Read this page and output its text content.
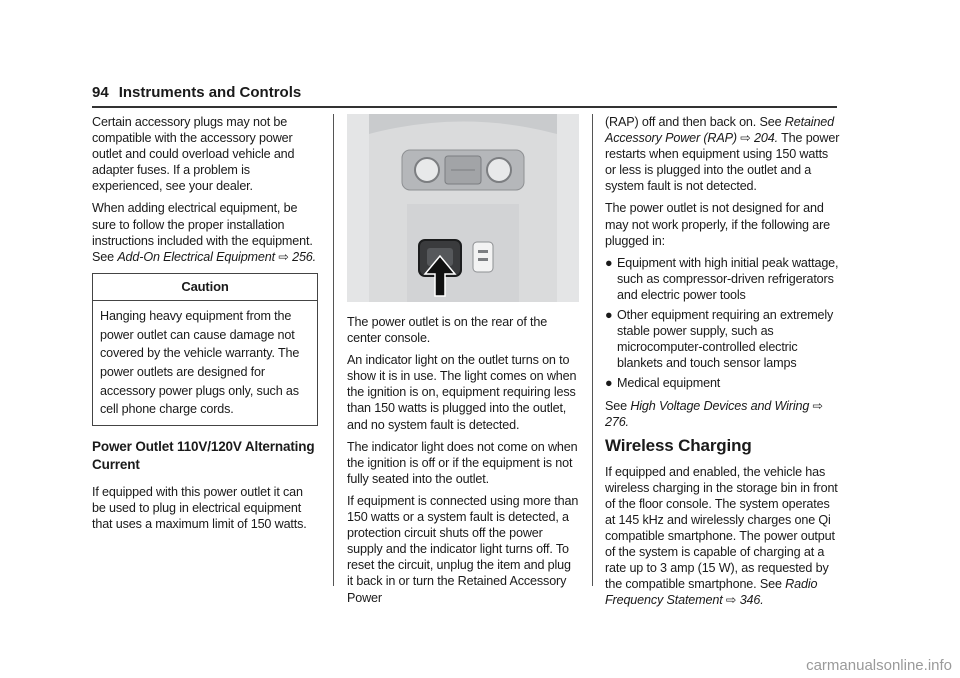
94 Instruments and Controls

Certain accessory plugs may not be compatible with the accessory power outlet and could overload vehicle and adapter fuses. If a problem is experienced, see your dealer.

When adding electrical equipment, be sure to follow the proper installation instructions included with the equipment. See Add-On Electrical Equipment ⇨ 256.

Caution
Hanging heavy equipment from the power outlet can cause damage not covered by the vehicle warranty. The power outlets are designed for accessory power plugs only, such as cell phone charge cords.
Power Outlet 110V/120V Alternating Current

If equipped with this power outlet it can be used to plug in electrical equipment that uses a maximum limit of 150 watts.

The power outlet is on the rear of the center console.

An indicator light on the outlet turns on to show it is in use. The light comes on when the ignition is on, equipment requiring less than 150 watts is plugged into the outlet, and no system fault is detected.

The indicator light does not come on when the ignition is off or if the equipment is not fully seated into the outlet.

If equipment is connected using more than 150 watts or a system fault is detected, a protection circuit shuts off the power supply and the indicator light turns off. To reset the circuit, unplug the item and plug it back in or turn the Retained Accessory Power

(RAP) off and then back on. See Retained Accessory Power (RAP) ⇨ 204. The power restarts when equipment using 150 watts or less is plugged into the outlet and a system fault is not detected.

The power outlet is not designed for and may not work properly, if the following are plugged in:

● Equipment with high initial peak wattage, such as compressor-driven refrigerators and electric power tools
● Other equipment requiring an extremely stable power supply, such as microcomputer-controlled electric blankets and touch sensor lamps
● Medical equipment

See High Voltage Devices and Wiring ⇨ 276.

Wireless Charging

If equipped and enabled, the vehicle has wireless charging in the storage bin in front of the floor console. The system operates at 145 kHz and wirelessly charges one Qi compatible smartphone. The power output of the system is capable of charging at a rate up to 3 amp (15 W), as requested by the compatible smartphone. See Radio Frequency Statement ⇨ 346.

carmanualsonline.info
